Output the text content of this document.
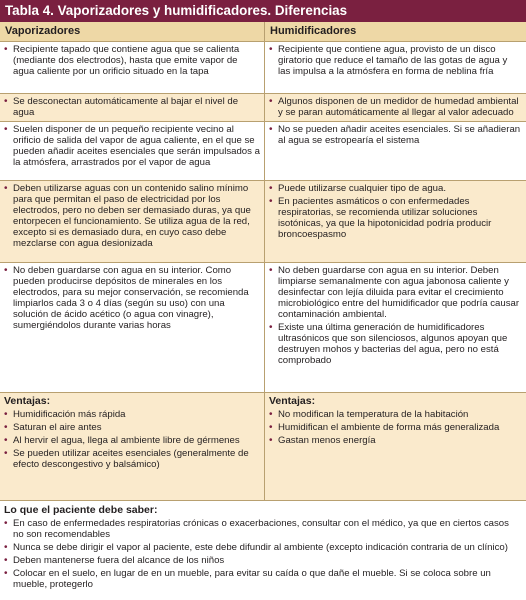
Tabla 4. Vaporizadores y humidificadores. Diferencias
Vaporizadores	Humidificadores
• Recipiente tapado que contiene agua que se calienta (mediante dos electrodos), hasta que emite vapor de agua caliente por un orificio situado en la tapa
• Recipiente que contiene agua, provisto de un disco giratorio que reduce el tamaño de las gotas de agua y las impulsa a la atmósfera en forma de neblina fría
• Se desconectan automáticamente al bajar el nivel de agua
• Algunos disponen de un medidor de humedad ambiental y se paran automáticamente al llegar al valor adecuado
• Suelen disponer de un pequeño recipiente vecino al orificio de salida del vapor de agua caliente, en el que se pueden añadir aceites esenciales que serán impulsados a la atmósfera, arrastrados por el vapor de agua
• No se pueden añadir aceites esenciales. Si se añadieran al agua se estropearía el sistema
• Deben utilizarse aguas con un contenido salino mínimo para que permitan el paso de electricidad por los electrodos, pero no deben ser demasiado duras, ya que entorpecen el funcionamiento. Se utiliza agua de la red, excepto si es demasiado dura, en cuyo caso debe mezclarse con agua desionizada
• Puede utilizarse cualquier tipo de agua.
• En pacientes asmáticos o con enfermedades respiratorias, se recomienda utilizar soluciones isotónicas, ya que la hipotonicidad podría producir broncoespasmo
• No deben guardarse con agua en su interior. Como pueden producirse depósitos de minerales en los electrodos, para su mejor conservación, se recomienda limpiarlos cada 3 o 4 días (según su uso) con una solución de ácido acético (o agua con vinagre), sumergiéndolos durante varias horas
• No deben guardarse con agua en su interior. Deben limpiarse semanalmente con agua jabonosa caliente y desinfectar con lejía diluida para evitar el crecimiento microbiológico entre del humidificador que podría causar contaminación ambiental.
• Existe una última generación de humidificadores ultrasónicos que son silenciosos, algunos apoyan que destruyen mohos y bacterias del agua, pero no está comprobado
Ventajas:
• Humidificación más rápida
• Saturan el aire antes
• Al hervir el agua, llega al ambiente libre de gérmenes
• Se pueden utilizar aceites esenciales (generalmente de efecto descongestivo y balsámico)
Ventajas:
• No modifican la temperatura de la habitación
• Humidifican el ambiente de forma más generalizada
• Gastan menos energía
Lo que el paciente debe saber:
• En caso de enfermedades respiratorias crónicas o exacerbaciones, consultar con el médico, ya que en ciertos casos no son recomendables
• Nunca se debe dirigir el vapor al paciente, este debe difundir al ambiente (excepto indicación contraria de un clínico)
• Deben mantenerse fuera del alcance de los niños
• Colocar en el suelo, en lugar de en un mueble, para evitar su caída o que dañe el mueble. Si se coloca sobre un mueble, protegerlo
